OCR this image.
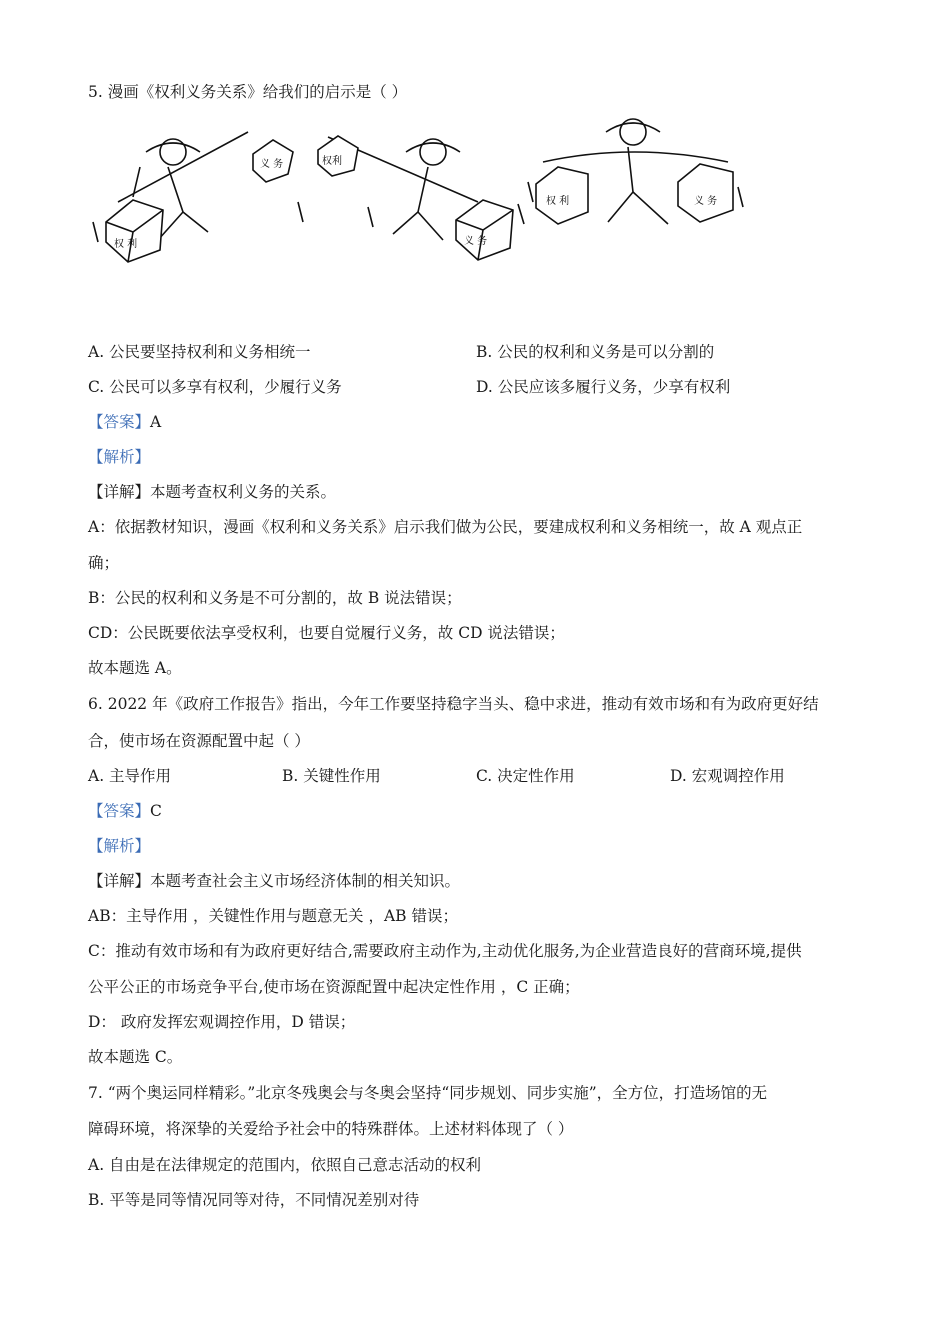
5. 漫画《权利义务关系》给我们的启示是（ ）
权 利
义 务	权利
义 务
权 利	义 务
A. 公民要坚持权利和义务相统一	B. 公民的权利和义务是可以分割的
C. 公民可以多享有权利，少履行义务	D. 公民应该多履行义务，少享有权利
【答案】A
【解析】
【详解】本题考查权利义务的关系。
A：依据教材知识，漫画《权利和义务关系》启示我们做为公民，要建成权利和义务相统一，故 A 观点正
确；
B：公民的权利和义务是不可分割的，故 B 说法错误；
CD：公民既要依法享受权利，也要自觉履行义务，故 CD 说法错误；
故本题选 A。
6. 2022 年《政府工作报告》指出，今年工作要坚持稳字当头、稳中求进，推动有效市场和有为政府更好结
合，使市场在资源配置中起（ ）
A. 主导作用	B. 关键性作用	C. 决定性作用	D. 宏观调控作用
【答案】C
【解析】
【详解】本题考查社会主义市场经济体制的相关知识。
AB：主导作用 ，关键性作用与题意无关 ，AB 错误；
C：推动有效市场和有为政府更好结合,需要政府主动作为,主动优化服务,为企业营造良好的营商环境,提供
公平公正的市场竞争平台,使市场在资源配置中起决定性作用 ，C 正确；
D： 政府发挥宏观调控作用，D 错误；
故本题选 C。
7. “两个奥运同样精彩。”北京冬残奥会与冬奥会坚持“同步规划、同步实施”，全方位，打造场馆的无
障碍环境，将深挚的关爱给予社会中的特殊群体。上述材料体现了（ ）
A. 自由是在法律规定的范围内，依照自己意志活动的权利
B. 平等是同等情况同等对待，不同情况差别对待
